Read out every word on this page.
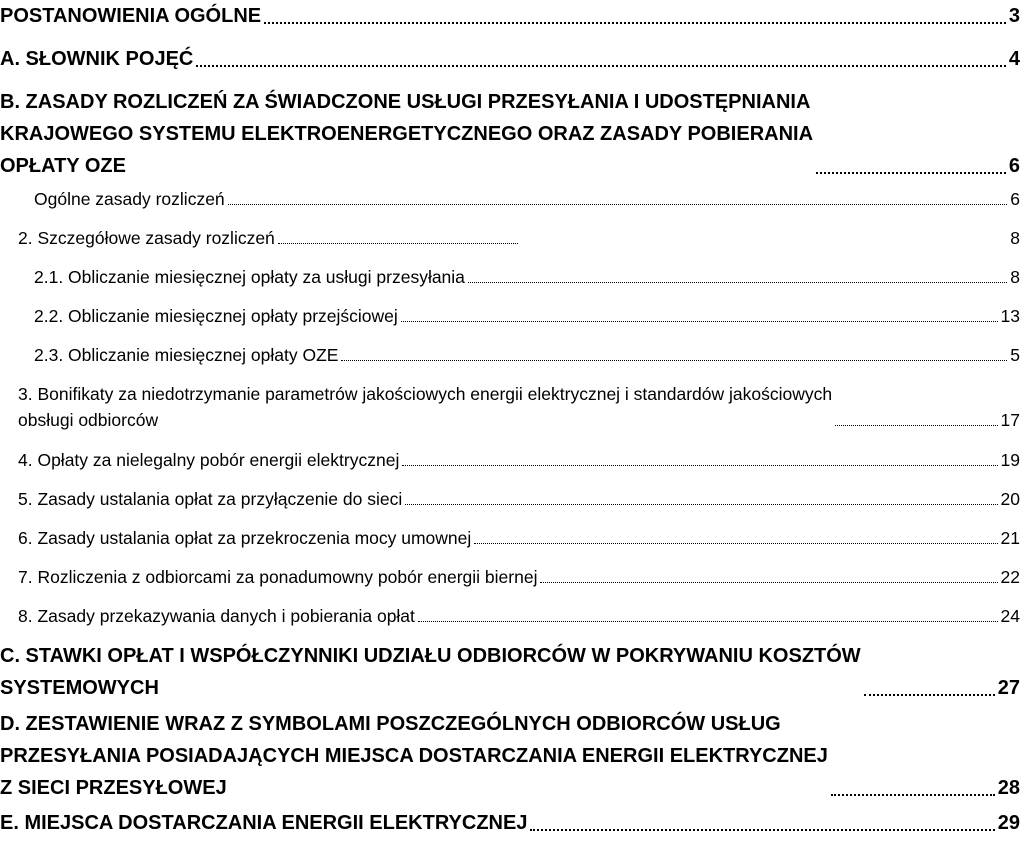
POSTANOWIENIA OGÓLNE	3
A. SŁOWNIK POJĘĆ	4
B. ZASADY ROZLICZEŃ ZA ŚWIADCZONE USŁUGI PRZESYŁANIA I UDOSTĘPNIANIA
KRAJOWEGO SYSTEMU ELEKTROENERGETYCZNEGO ORAZ ZASADY POBIERANIA
OPŁATY OZE	6
Ogólne zasady rozliczeń	6
2. Szczegółowe zasady rozliczeń	8
2.1. Obliczanie miesięcznej opłaty za usługi przesyłania	8
2.2. Obliczanie miesięcznej opłaty przejściowej	13
2.3. Obliczanie miesięcznej opłaty OZE	5
3. Bonifikaty za niedotrzymanie parametrów jakościowych energii elektrycznej i standardów jakościowych
obsługi odbiorców	17
4. Opłaty za nielegalny pobór energii elektrycznej	19
5. Zasady ustalania opłat za przyłączenie do sieci	20
6. Zasady ustalania opłat za przekroczenia mocy umownej	21
7. Rozliczenia z odbiorcami za ponadumowny pobór energii biernej	22
8. Zasady przekazywania danych i pobierania opłat	24
C. STAWKI OPŁAT I WSPÓŁCZYNNIKI UDZIAŁU ODBIORCÓW W POKRYWANIU KOSZTÓW
SYSTEMOWYCH	27
D. ZESTAWIENIE WRAZ Z SYMBOLAMI POSZCZEGÓLNYCH ODBIORCÓW USŁUG
PRZESYŁANIA POSIADAJĄCYCH MIEJSCA DOSTARCZANIA ENERGII ELEKTRYCZNEJ
Z SIECI PRZESYŁOWEJ	28
E. MIEJSCA DOSTARCZANIA ENERGII ELEKTRYCZNEJ	29
